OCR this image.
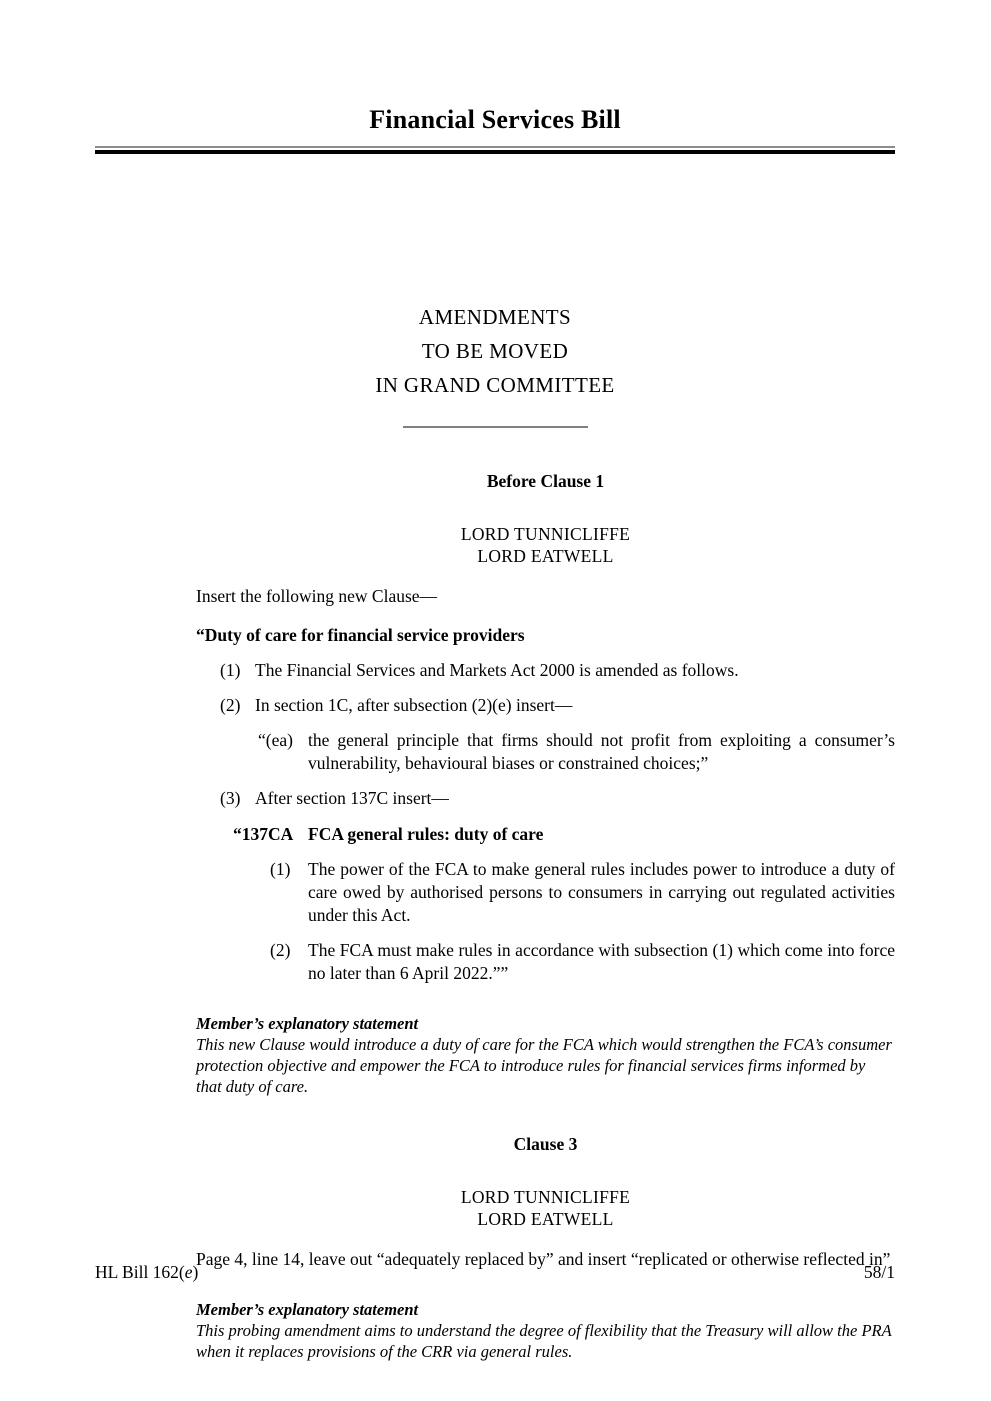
Financial Services Bill
AMENDMENTS
TO BE MOVED
IN GRAND COMMITTEE
Before Clause 1
LORD TUNNICLIFFE
LORD EATWELL
Insert the following new Clause—
“Duty of care for financial service providers
(1) The Financial Services and Markets Act 2000 is amended as follows.
(2) In section 1C, after subsection (2)(e) insert—
“(ea) the general principle that firms should not profit from exploiting a consumer’s vulnerability, behavioural biases or constrained choices;”
(3) After section 137C insert—
“137CA FCA general rules: duty of care
(1)	The power of the FCA to make general rules includes power to introduce a duty of care owed by authorised persons to consumers in carrying out regulated activities under this Act.
(2)	The FCA must make rules in accordance with subsection (1) which come into force no later than 6 April 2022.””
Member’s explanatory statement
This new Clause would introduce a duty of care for the FCA which would strengthen the FCA’s consumer protection objective and empower the FCA to introduce rules for financial services firms informed by that duty of care.
Clause 3
LORD TUNNICLIFFE
LORD EATWELL
Page 4, line 14, leave out “adequately replaced by” and insert “replicated or otherwise reflected in”
Member’s explanatory statement
This probing amendment aims to understand the degree of flexibility that the Treasury will allow the PRA when it replaces provisions of the CRR via general rules.
HL Bill 162(e)	58/1
